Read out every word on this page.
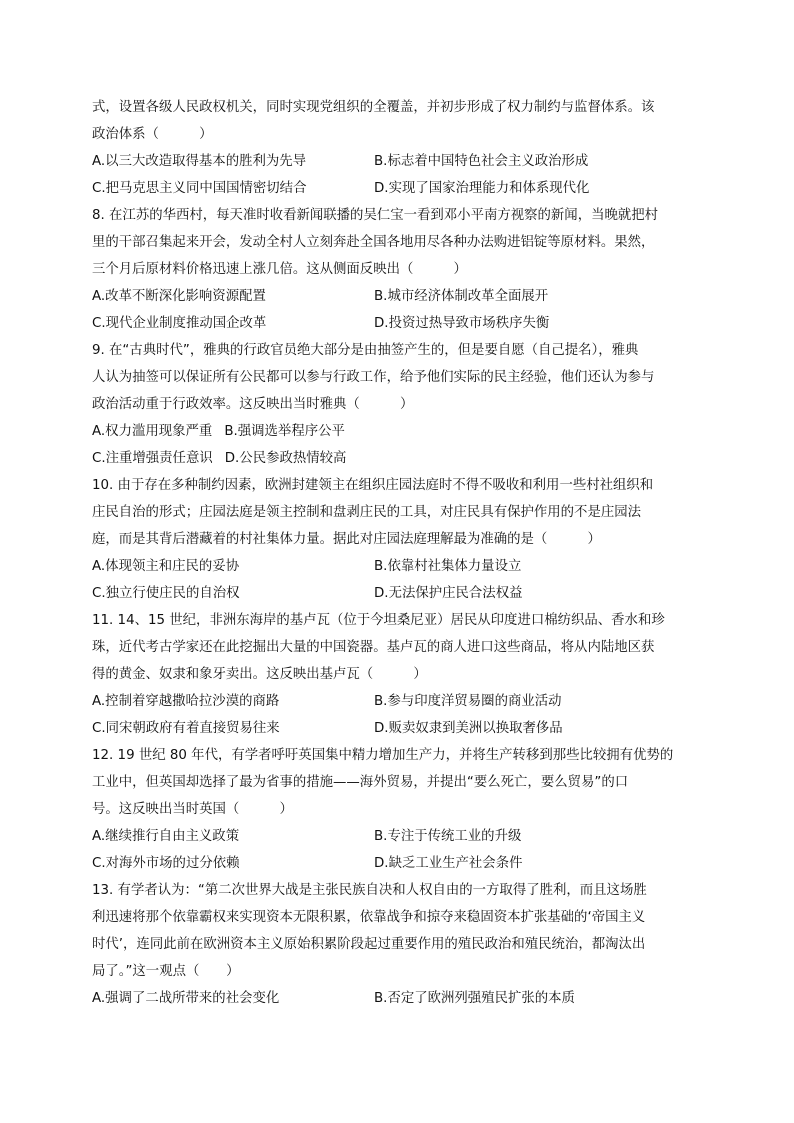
式，设置各级人民政权机关，同时实现党组织的全覆盖，并初步形成了权力制约与监督体系。该
政治体系（　　　）
A.以三大改造取得基本的胜利为先导	B.标志着中国特色社会主义政治形成
C.把马克思主义同中国国情密切结合	D.实现了国家治理能力和体系现代化
8. 在江苏的华西村，每天准时收看新闻联播的吴仁宝一看到邓小平南方视察的新闻，当晚就把村
里的干部召集起来开会，发动全村人立刻奔赴全国各地用尽各种办法购进铝锭等原材料。果然，
三个月后原材料价格迅速上涨几倍。这从侧面反映出（　　　）
A.改革不断深化影响资源配置	B.城市经济体制改革全面展开
C.现代企业制度推动国企改革	D.投资过热导致市场秩序失衡
9. 在“古典时代”，雅典的行政官员绝大部分是由抽签产生的，但是要自愿（自己提名），雅典
人认为抽签可以保证所有公民都可以参与行政工作，给予他们实际的民主经验，他们还认为参与
政治活动重于行政效率。这反映出当时雅典（　　　）
A.权力滥用现象严重 B.强调选举程序公平
C.注重增强责任意识 D.公民参政热情较高
10. 由于存在多种制约因素，欧洲封建领主在组织庄园法庭时不得不吸收和利用一些村社组织和
庄民自治的形式；庄园法庭是领主控制和盘剥庄民的工具，对庄民具有保护作用的不是庄园法
庭，而是其背后潜藏着的村社集体力量。据此对庄园法庭理解最为准确的是（　　　）
A.体现领主和庄民的妥协	B.依靠村社集体力量设立
C.独立行使庄民的自治权	D.无法保护庄民合法权益
11. 14、15 世纪，非洲东海岸的基卢瓦（位于今坦桑尼亚）居民从印度进口棉纺织品、香水和珍
珠，近代考古学家还在此挖掘出大量的中国瓷器。基卢瓦的商人进口这些商品，将从内陆地区获
得的黄金、奴隶和象牙卖出。这反映出基卢瓦（　　　）
A.控制着穿越撒哈拉沙漠的商路	B.参与印度洋贸易圈的商业活动
C.同宋朝政府有着直接贸易往来	D.贩卖奴隶到美洲以换取奢侈品
12. 19 世纪 80 年代，有学者呼吁英国集中精力增加生产力，并将生产转移到那些比较拥有优势的
工业中，但英国却选择了最为省事的措施——海外贸易，并提出“要么死亡，要么贸易”的口
号。这反映出当时英国（　　　）
A.继续推行自由主义政策	B.专注于传统工业的升级
C.对海外市场的过分依赖	D.缺乏工业生产社会条件
13. 有学者认为：“第二次世界大战是主张民族自决和人权自由的一方取得了胜利，而且这场胜
利迅速将那个依靠霸权来实现资本无限积累，依靠战争和掠夺来稳固资本扩张基础的‘帝国主义
时代’，连同此前在欧洲资本主义原始积累阶段起过重要作用的殖民政治和殖民统治，都淘汰出
局了。”这一观点（　　）
A.强调了二战所带来的社会变化	B.否定了欧洲列强殖民扩张的本质
